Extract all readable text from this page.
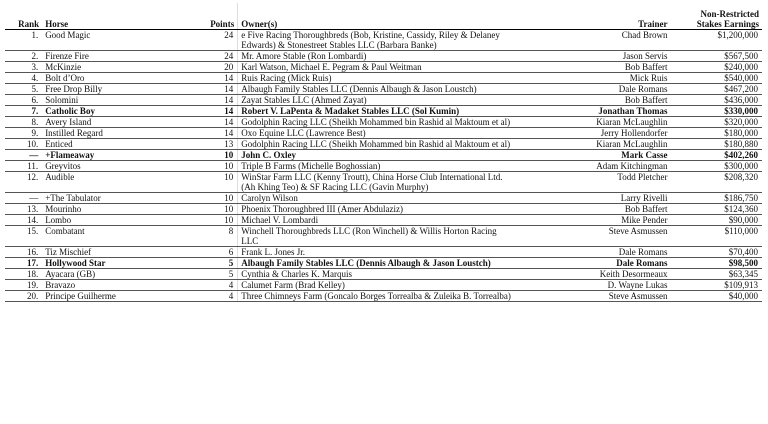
Rank	Horse	Points	Owner(s)	Trainer	Non-Restricted
Stakes Earnings
1.	Good Magic	24	e Five Racing Thoroughbreds (Bob, Kristine, Cassidy, Riley & Delaney Edwards) & Stonestreet Stables LLC (Barbara Banke)	Chad Brown	$1,200,000
2.	Firenze Fire	24	Mr. Amore Stable (Ron Lombardi)	Jason Servis	$567,500
3.	McKinzie	20	Karl Watson, Michael E. Pegram & Paul Weitman	Bob Baffert	$240,000
4.	Bolt d’Oro	14	Ruis Racing (Mick Ruis)	Mick Ruis	$540,000
5.	Free Drop Billy	14	Albaugh Family Stables LLC (Dennis Albaugh & Jason Loustch)	Dale Romans	$467,200
6.	Solomini	14	Zayat Stables LLC (Ahmed Zayat)	Bob Baffert	$436,000
7.	Catholic Boy	14	Robert V. LaPenta & Madaket Stables LLC (Sol Kumin)	Jonathan Thomas	$330,000
8.	Avery Island	14	Godolphin Racing LLC (Sheikh Mohammed bin Rashid al Maktoum et al)	Kiaran McLaughlin	$320,000
9.	Instilled Regard	14	Oxo Equine LLC (Lawrence Best)	Jerry Hollendorfer	$180,000
10.	Enticed	13	Godolphin Racing LLC (Sheikh Mohammed bin Rashid al Maktoum et al)	Kiaran McLaughlin	$180,880
—	+Flameaway	10	John C. Oxley	Mark Casse	$402,260
11.	Greyvitos	10	Triple B Farms (Michelle Boghossian)	Adam Kitchingman	$300,000
12.	Audible	10	WinStar Farm LLC (Kenny Troutt), China Horse Club International Ltd. (Ah Khing Teo) & SF Racing LLC (Gavin Murphy)	Todd Pletcher	$208,320
—	+The Tabulator	10	Carolyn Wilson	Larry Rivelli	$186,750
13.	Mourinho	10	Phoenix Thoroughbred III (Amer Abdulaziz)	Bob Baffert	$124,360
14.	Lombo	10	Michael V. Lombardi	Mike Pender	$90,000
15.	Combatant	8	Winchell Thoroughbreds LLC (Ron Winchell) & Willis Horton Racing LLC	Steve Asmussen	$110,000
16.	Tiz Mischief	6	Frank L. Jones Jr.	Dale Romans	$70,400
17.	Hollywood Star	5	Albaugh Family Stables LLC (Dennis Albaugh & Jason Loustch)	Dale Romans	$98,500
18.	Ayacara (GB)	5	Cynthia & Charles K. Marquis	Keith Desormeaux	$63,345
19.	Bravazo	4	Calumet Farm (Brad Kelley)	D. Wayne Lukas	$109,913
20.	Principe Guilherme	4	Three Chimneys Farm (Goncalo Borges Torrealba & Zuleika B. Torrealba)	Steve Asmussen	$40,000
